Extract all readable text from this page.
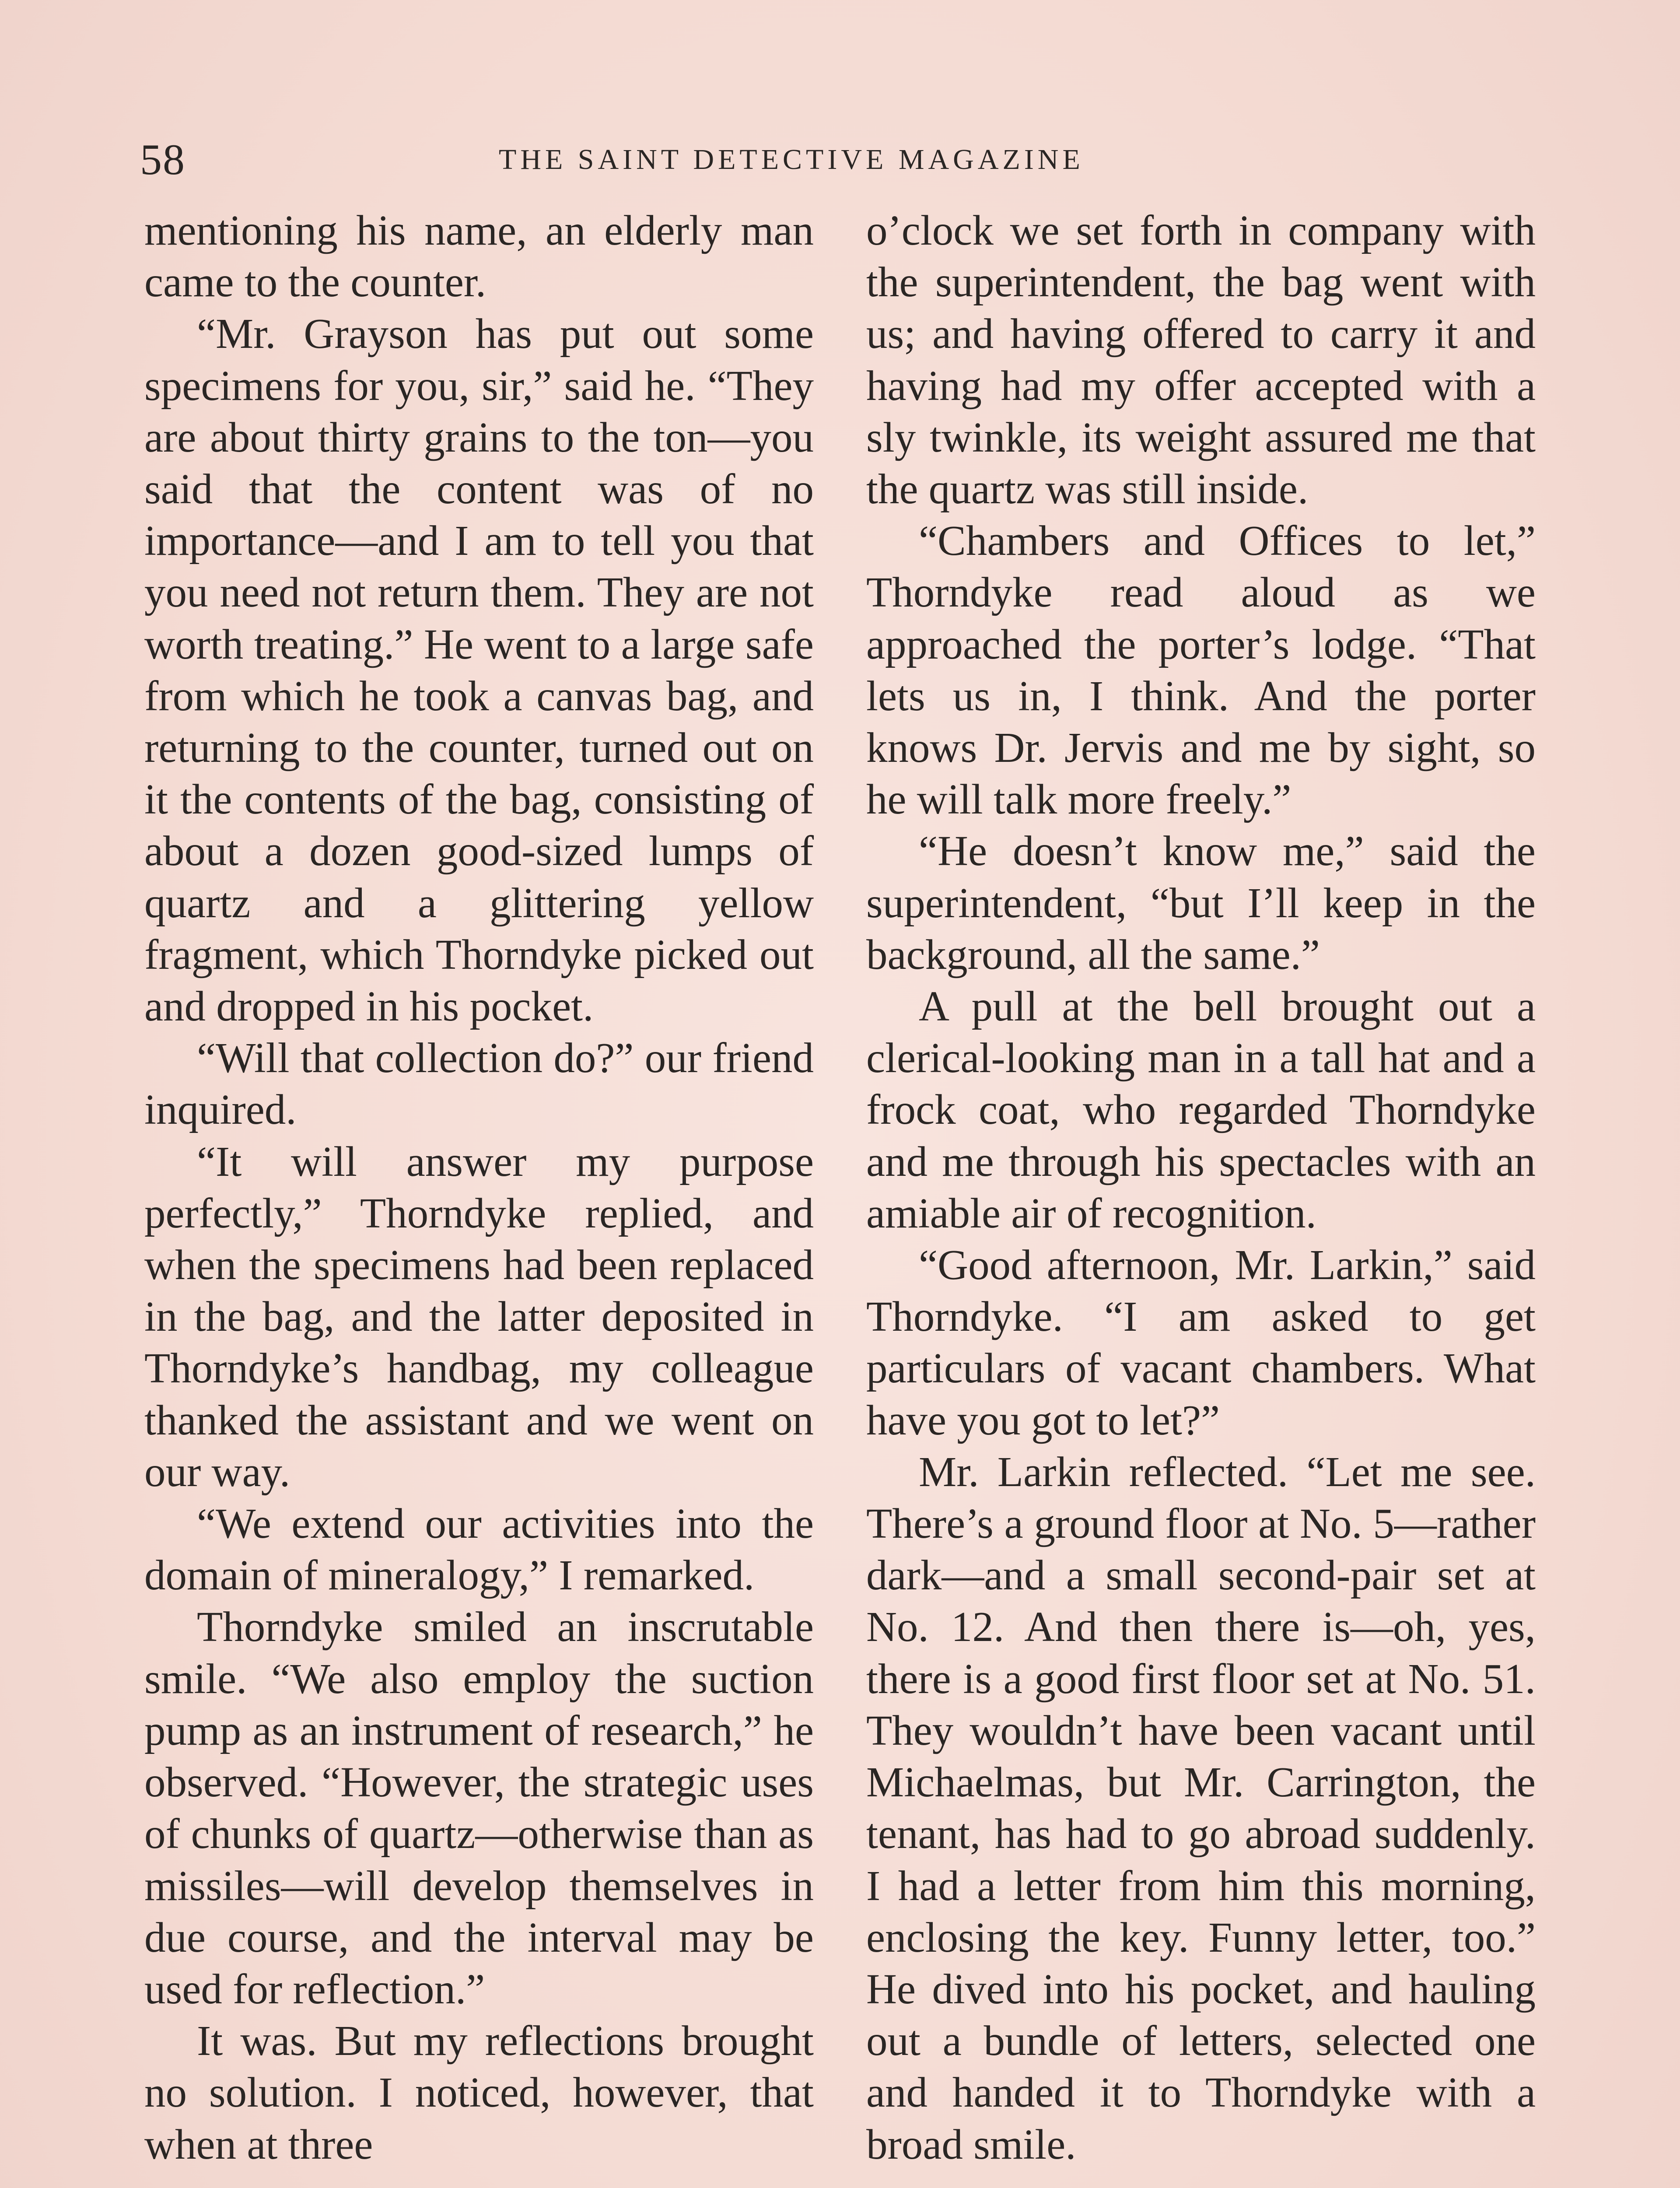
58	THE SAINT DETECTIVE MAGAZINE

mentioning his name, an elderly man came to the counter.

“Mr. Grayson has put out some specimens for you, sir,” said he. “They are about thirty grains to the ton—you said that the content was of no importance—and I am to tell you that you need not return them. They are not worth treating.” He went to a large safe from which he took a canvas bag, and returning to the counter, turned out on it the contents of the bag, consisting of about a dozen good-sized lumps of quartz and a glittering yellow fragment, which Thorndyke picked out and dropped in his pocket.

“Will that collection do?” our friend inquired.

“It will answer my purpose perfectly,” Thorndyke replied, and when the specimens had been replaced in the bag, and the latter deposited in Thorndyke’s handbag, my colleague thanked the assistant and we went on our way.

“We extend our activities into the domain of mineralogy,” I remarked.

Thorndyke smiled an inscrutable smile. “We also employ the suction pump as an instrument of research,” he observed. “However, the strategic uses of chunks of quartz—otherwise than as missiles—will develop themselves in due course, and the interval may be used for reflection.”

It was. But my reflections brought no solution. I noticed, however, that when at three

o’clock we set forth in company with the superintendent, the bag went with us; and having offered to carry it and having had my offer accepted with a sly twinkle, its weight assured me that the quartz was still inside.

“Chambers and Offices to let,” Thorndyke read aloud as we approached the porter’s lodge. “That lets us in, I think. And the porter knows Dr. Jervis and me by sight, so he will talk more freely.”

“He doesn’t know me,” said the superintendent, “but I’ll keep in the background, all the same.”

A pull at the bell brought out a clerical-looking man in a tall hat and a frock coat, who regarded Thorndyke and me through his spectacles with an amiable air of recognition.

“Good afternoon, Mr. Larkin,” said Thorndyke. “I am asked to get particulars of vacant chambers. What have you got to let?”

Mr. Larkin reflected. “Let me see. There’s a ground floor at No. 5—rather dark—and a small second-pair set at No. 12. And then there is—oh, yes, there is a good first floor set at No. 51. They wouldn’t have been vacant until Michaelmas, but Mr. Carrington, the tenant, has had to go abroad suddenly. I had a letter from him this morning, enclosing the key. Funny letter, too.” He dived into his pocket, and hauling out a bundle of letters, selected one and handed it to Thorndyke with a broad smile.
